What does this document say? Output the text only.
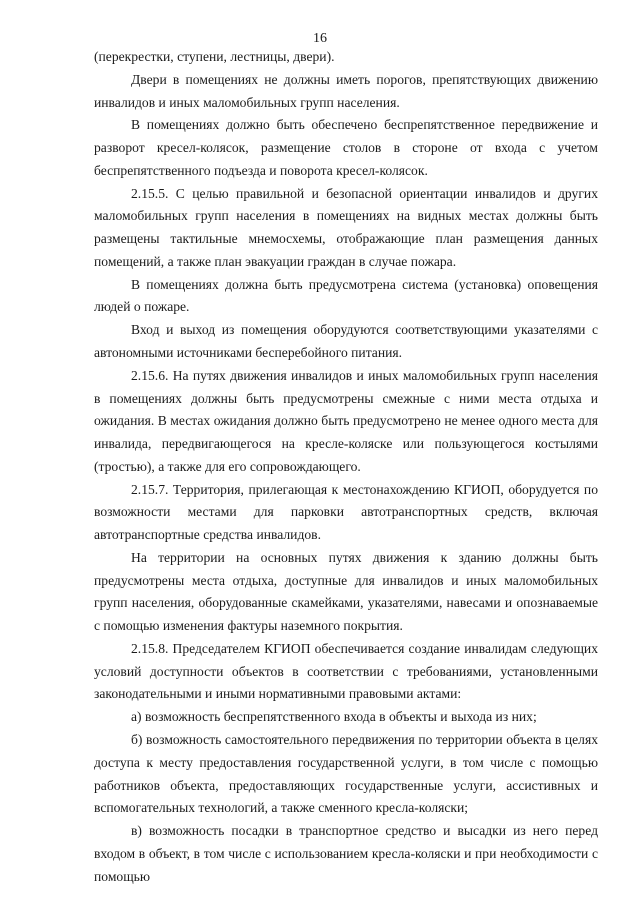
16

(перекрестки, ступени, лестницы, двери).

Двери в помещениях не должны иметь порогов, препятствующих движению инвалидов и иных маломобильных групп населения.

В помещениях должно быть обеспечено беспрепятственное передвижение и разворот кресел-колясок, размещение столов в стороне от входа с учетом беспрепятственного подъезда и поворота кресел-колясок.

2.15.5. С целью правильной и безопасной ориентации инвалидов и других маломобильных групп населения в помещениях на видных местах должны быть размещены тактильные мнемосхемы, отображающие план размещения данных помещений, а также план эвакуации граждан в случае пожара.

В помещениях должна быть предусмотрена система (установка) оповещения людей о пожаре.

Вход и выход из помещения оборудуются соответствующими указателями с автономными источниками бесперебойного питания.

2.15.6. На путях движения инвалидов и иных маломобильных групп населения в помещениях должны быть предусмотрены смежные с ними места отдыха и ожидания. В местах ожидания должно быть предусмотрено не менее одного места для инвалида, передвигающегося на кресле-коляске или пользующегося костылями (тростью), а также для его сопровождающего.

2.15.7. Территория, прилегающая к местонахождению КГИОП, оборудуется по возможности местами для парковки автотранспортных средств, включая автотранспортные средства инвалидов.

На территории на основных путях движения к зданию должны быть предусмотрены места отдыха, доступные для инвалидов и иных маломобильных групп населения, оборудованные скамейками, указателями, навесами и опознаваемые с помощью изменения фактуры наземного покрытия.

2.15.8. Председателем КГИОП обеспечивается создание инвалидам следующих условий доступности объектов в соответствии с требованиями, установленными законодательными и иными нормативными правовыми актами:

а) возможность беспрепятственного входа в объекты и выхода из них;

б) возможность самостоятельного передвижения по территории объекта в целях доступа к месту предоставления государственной услуги, в том числе с помощью работников объекта, предоставляющих государственные услуги, ассистивных и вспомогательных технологий, а также сменного кресла-коляски;

в) возможность посадки в транспортное средство и высадки из него перед входом в объект, в том числе с использованием кресла-коляски и при необходимости с помощью
